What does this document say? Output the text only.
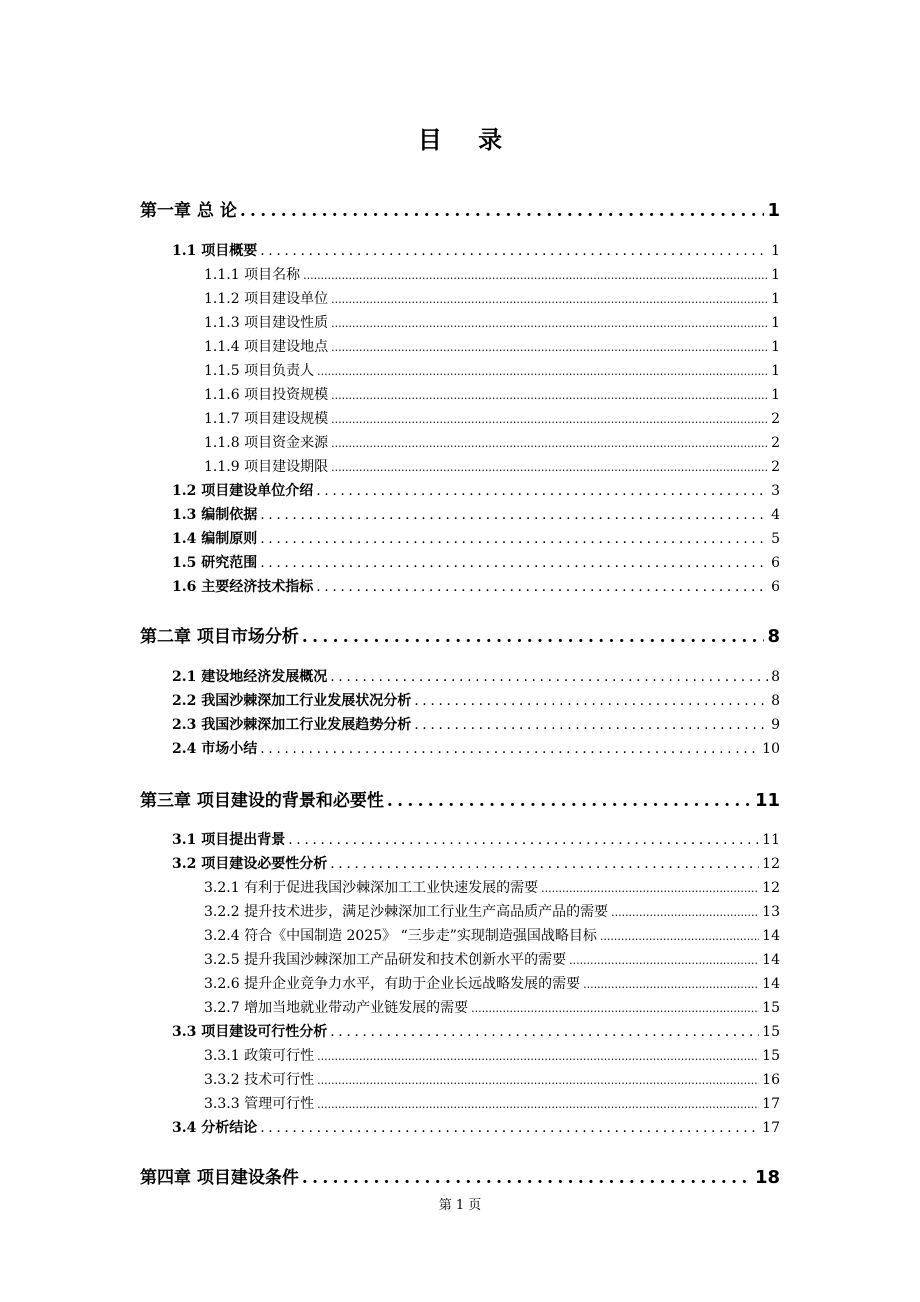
目 录
第一章 总 论 .....	1
1.1 项目概要 .....	1
1.1.1 项目名称 .....	1
1.1.2 项目建设单位 .....	1
1.1.3 项目建设性质 .....	1
1.1.4 项目建设地点 .....	1
1.1.5 项目负责人 .....	1
1.1.6 项目投资规模 .....	1
1.1.7 项目建设规模 .....	2
1.1.8 项目资金来源 .....	2
1.1.9 项目建设期限 .....	2
1.2 项目建设单位介绍 .....	3
1.3 编制依据 .....	4
1.4 编制原则 .....	5
1.5 研究范围 .....	6
1.6 主要经济技术指标 .....	6
第二章 项目市场分析 .....	8
2.1 建设地经济发展概况 .....	8
2.2 我国沙棘深加工行业发展状况分析 .....	8
2.3 我国沙棘深加工行业发展趋势分析 .....	9
2.4 市场小结 .....	10
第三章 项目建设的背景和必要性 .....	11
3.1 项目提出背景 .....	11
3.2 项目建设必要性分析 .....	12
3.2.1 有利于促进我国沙棘深加工工业快速发展的需要 .....	12
3.2.2 提升技术进步，满足沙棘深加工行业生产高品质产品的需要 .....	13
3.2.4 符合《中国制造 2025》 “三步走”实现制造强国战略目标 .....	14
3.2.5 提升我国沙棘深加工产品研发和技术创新水平的需要 .....	14
3.2.6 提升企业竞争力水平，有助于企业长远战略发展的需要 .....	14
3.2.7 增加当地就业带动产业链发展的需要 .....	15
3.3 项目建设可行性分析 .....	15
3.3.1 政策可行性 .....	15
3.3.2 技术可行性 .....	16
3.3.3 管理可行性 .....	17
3.4 分析结论 .....	17
第四章 项目建设条件 .....	18
第 1 页
